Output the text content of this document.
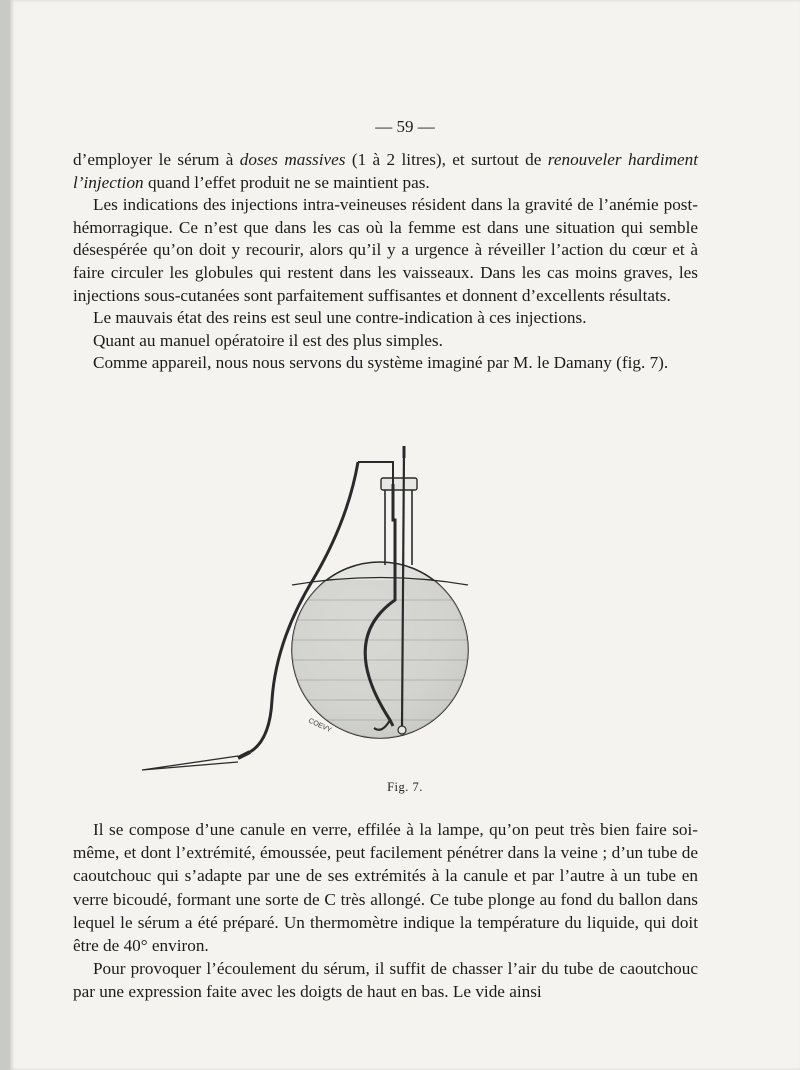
— 59 —

d’employer le sérum à doses massives (1 à 2 litres), et surtout de renouveler hardiment l’injection quand l’effet produit ne se maintient pas.

Les indications des injections intra-veineuses résident dans la gravité de l’anémie post-hémorragique. Ce n’est que dans les cas où la femme est dans une situation qui semble désespérée qu’on doit y recourir, alors qu’il y a urgence à réveiller l’action du cœur et à faire circuler les globules qui restent dans les vaisseaux. Dans les cas moins graves, les injections sous-cutanées sont parfaitement suffisantes et donnent d’excellents résultats.

Le mauvais état des reins est seul une contre-indication à ces injections.

Quant au manuel opératoire il est des plus simples.

Comme appareil, nous nous servons du système imaginé par M. le Damany (fig. 7).

COEVY
Fig. 7.

Il se compose d’une canule en verre, effilée à la lampe, qu’on peut très bien faire soi-même, et dont l’extrémité, émoussée, peut facilement pénétrer dans la veine ; d’un tube de caoutchouc qui s’adapte par une de ses extrémités à la canule et par l’autre à un tube en verre bicoudé, formant une sorte de C très allongé. Ce tube plonge au fond du ballon dans lequel le sérum a été préparé. Un thermomètre indique la température du liquide, qui doit être de 40° environ.

Pour provoquer l’écoulement du sérum, il suffit de chasser l’air du tube de caoutchouc par une expression faite avec les doigts de haut en bas. Le vide ainsi
